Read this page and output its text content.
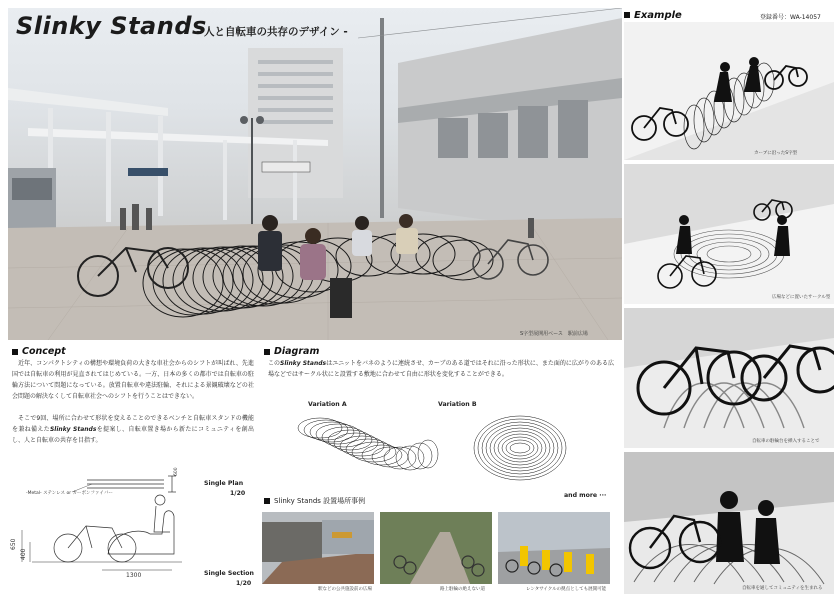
Slinky Stands
- 人と自転車の共存のデザイン -
S字型展開用ベース　駅前広場
Example	登録番号：WA-14057
カーブに沿ったS字型
広場などに置いたサークル型
自転車の駐輪台を挿入することで
自転車を通してコミュニティを生まれる
Concept
近年、コンパクトシティの構想や環境負荷の大きな車社会からのシフトが叫ばれ、先進国では自転車の利用が見直されてはじめている。一方、日本の多くの都市では自転車の駐輪方法について問題になっている。放置自転車や違法駐輪、それによる景観破壊などの社会問題の解決なくして自転車社会へのシフトを行うことはできない。
そこで9回、場所に合わせて形状を変えることのできるベンチと自転車スタンドの機能を兼ね備えたSlinky Standsを提案し、自転車置き場から新たにコミュニティを創出し、人と自転車の共存を目指す。
-Metal- ステンレス or カーボンファイバー
600
Single Plan
1/20
650
400
1300	Single Section
1/20
Diagram
このSlinky Standsはユニットをバネのように連続させ、カーブのある道ではそれに沿った形状に、また面的に広がりのある広場などではサークル状にと設置する敷地に合わせて自由に形状を変化することができる。
Variation A	Variation B
and more ···
Slinky Stands 設置場所事例
駅などの公共施設前の広場	路上駐輪の絶えない道	レンタサイクルの拠点としても展開可能
